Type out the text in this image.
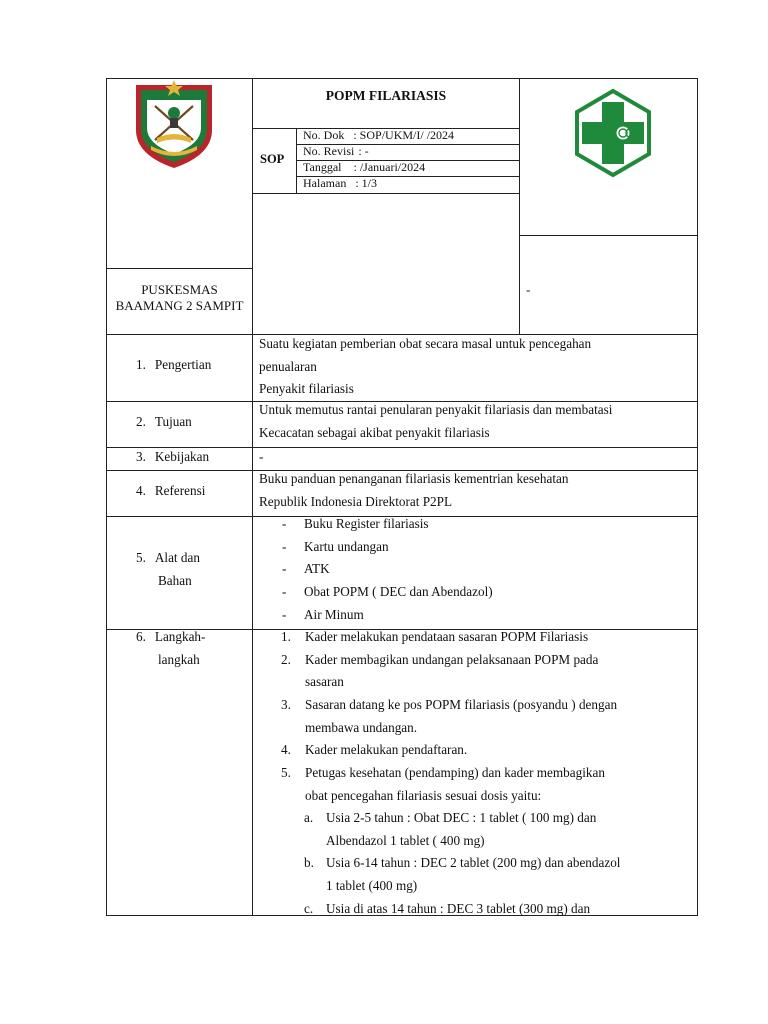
PUSKESMAS
BAAMANG 2 SAMPIT
POPM FILARIASIS
SOP
No. Dok : SOP/UKM/I/ /2024
No. Revisi : -
Tanggal : /Januari/2024
Halaman : 1/3
-
1. Pengertian
Suatu kegiatan pemberian obat secara masal untuk pencegahan
penualaran
Penyakit filariasis
2. Tujuan
Untuk memutus rantai penularan penyakit filariasis dan membatasi
Kecacatan sebagai akibat penyakit filariasis
3. Kebijakan	-
4. Referensi
Buku panduan penanganan filariasis kementrian kesehatan
Republik Indonesia Direktorat P2PL
5. Alat dan
Bahan
- Buku Register filariasis
- Kartu undangan
- ATK
- Obat POPM ( DEC dan Abendazol)
- Air Minum
6. Langkah-
langkah
1. Kader melakukan pendataan sasaran POPM Filariasis
2. Kader membagikan undangan pelaksanaan POPM pada
sasaran
3. Sasaran datang ke pos POPM filariasis (posyandu ) dengan
membawa undangan.
4. Kader melakukan pendaftaran.
5. Petugas kesehatan (pendamping) dan kader membagikan
obat pencegahan filariasis sesuai dosis yaitu:
a. Usia 2-5 tahun : Obat DEC : 1 tablet ( 100 mg) dan
Albendazol 1 tablet ( 400 mg)
b. Usia 6-14 tahun : DEC 2 tablet (200 mg) dan abendazol
1 tablet (400 mg)
c. Usia di atas 14 tahun : DEC 3 tablet (300 mg) dan
